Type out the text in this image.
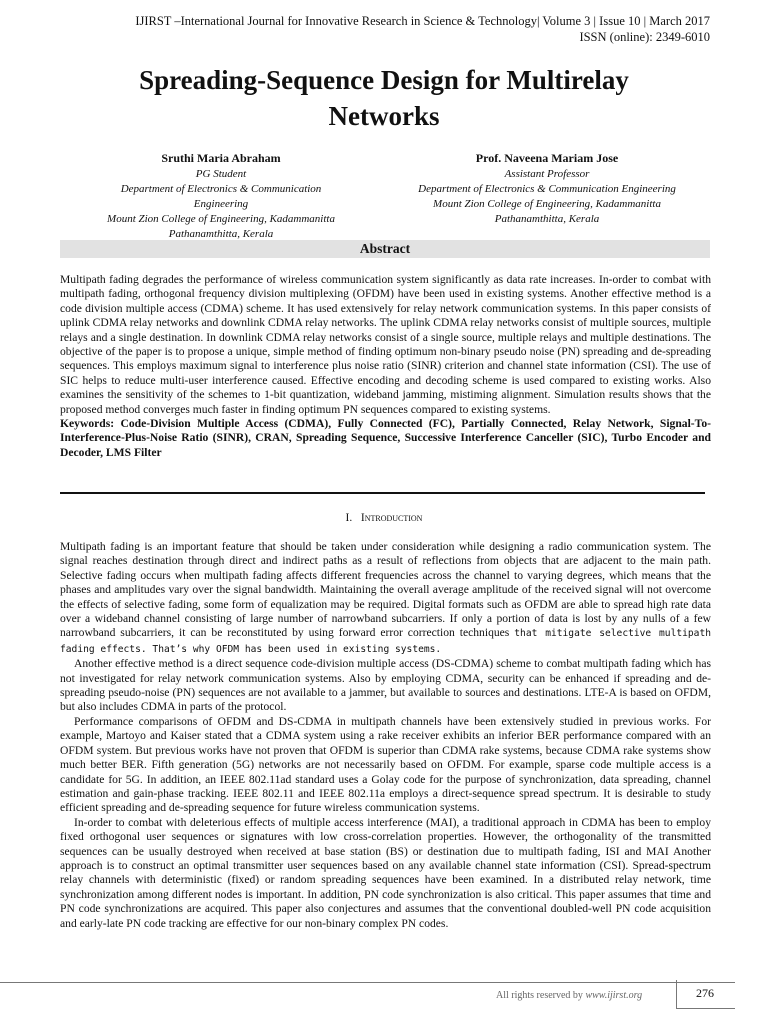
IJIRST –International Journal for Innovative Research in Science & Technology| Volume 3 | Issue 10 | March 2017
ISSN (online): 2349-6010
Spreading-Sequence Design for Multirelay
Networks
Sruthi Maria Abraham
PG Student
Department of Electronics & Communication Engineering
Mount Zion College of Engineering, Kadammanitta
Pathanamthitta, Kerala
Prof. Naveena Mariam Jose
Assistant Professor
Department of Electronics & Communication Engineering
Mount Zion College of Engineering, Kadammanitta
Pathanamthitta, Kerala
Abstract

Multipath fading degrades the performance of wireless communication system significantly as data rate increases. In-order to combat with multipath fading, orthogonal frequency division multiplexing (OFDM) have been used in existing systems. Another effective method is a code division multiple access (CDMA) scheme. It has used extensively for relay network communication systems. In this paper consists of uplink CDMA relay networks and downlink CDMA relay networks. The uplink CDMA relay networks consist of multiple sources, multiple relays and a single destination. In downlink CDMA relay networks consist of a single source, multiple relays and multiple destinations. The objective of the paper is to propose a unique, simple method of finding optimum non-binary pseudo noise (PN) spreading and de-spreading sequences. This employs maximum signal to interference plus noise ratio (SINR) criterion and channel state information (CSI). The use of SIC helps to reduce multi-user interference caused. Effective encoding and decoding scheme is used compared to existing works. Also examines the sensitivity of the schemes to 1-bit quantization, wideband jamming, mistiming alignment. Simulation results shows that the proposed method converges much faster in finding optimum PN sequences compared to existing systems.

Keywords: Code-Division Multiple Access (CDMA), Fully Connected (FC), Partially Connected, Relay Network, Signal-To-Interference-Plus-Noise Ratio (SINR), CRAN, Spreading Sequence, Successive Interference Canceller (SIC), Turbo Encoder and Decoder, LMS Filter

I. Introduction

Multipath fading is an important feature that should be taken under consideration while designing a radio communication system. The signal reaches destination through direct and indirect paths as a result of reflections from objects that are adjacent to the main path. Selective fading occurs when multipath fading affects different frequencies across the channel to varying degrees, which means that the phases and amplitudes vary over the signal bandwidth. Maintaining the overall average amplitude of the received signal will not overcome the effects of selective fading, some form of equalization may be required. Digital formats such as OFDM are able to spread high rate data over a wideband channel consisting of large number of narrowband subcarriers. If only a portion of data is lost by any nulls of a few narrowband subcarriers, it can be reconstituted by using forward error correction techniques that mitigate selective multipath fading effects. That’s why OFDM has been used in existing systems.

Another effective method is a direct sequence code-division multiple access (DS-CDMA) scheme to combat multipath fading which has not investigated for relay network communication systems. Also by employing CDMA, security can be enhanced if spreading and de-spreading pseudo-noise (PN) sequences are not available to a jammer, but available to sources and destinations. LTE-A is based on OFDM, but also includes CDMA in parts of the protocol.

Performance comparisons of OFDM and DS-CDMA in multipath channels have been extensively studied in previous works. For example, Martoyo and Kaiser stated that a CDMA system using a rake receiver exhibits an inferior BER performance compared with an OFDM system. But previous works have not proven that OFDM is superior than CDMA rake systems, because CDMA rake systems show much better BER. Fifth generation (5G) networks are not necessarily based on OFDM. For example, sparse code multiple access is a candidate for 5G. In addition, an IEEE 802.11ad standard uses a Golay code for the purpose of synchronization, data spreading, channel estimation and gain-phase tracking. IEEE 802.11 and IEEE 802.11a employs a direct-sequence spread spectrum. It is desirable to study efficient spreading and de-spreading sequence for future wireless communication systems.

In-order to combat with deleterious effects of multiple access interference (MAI), a traditional approach in CDMA has been to employ fixed orthogonal user sequences or signatures with low cross-correlation properties. However, the orthogonality of the transmitted sequences can be usually destroyed when received at base station (BS) or destination due to multipath fading, ISI and MAI Another approach is to construct an optimal transmitter user sequences based on any available channel state information (CSI). Spread-spectrum relay channels with deterministic (fixed) or random spreading sequences have been examined. In a distributed relay network, time synchronization among different nodes is important. In addition, PN code synchronization is also critical. This paper assumes that time and PN code synchronizations are acquired. This paper also conjectures and assumes that the conventional doubled-well PN code acquisition and early-late PN code tracking are effective for our non-binary complex PN codes.

All rights reserved by www.ijirst.org	276
